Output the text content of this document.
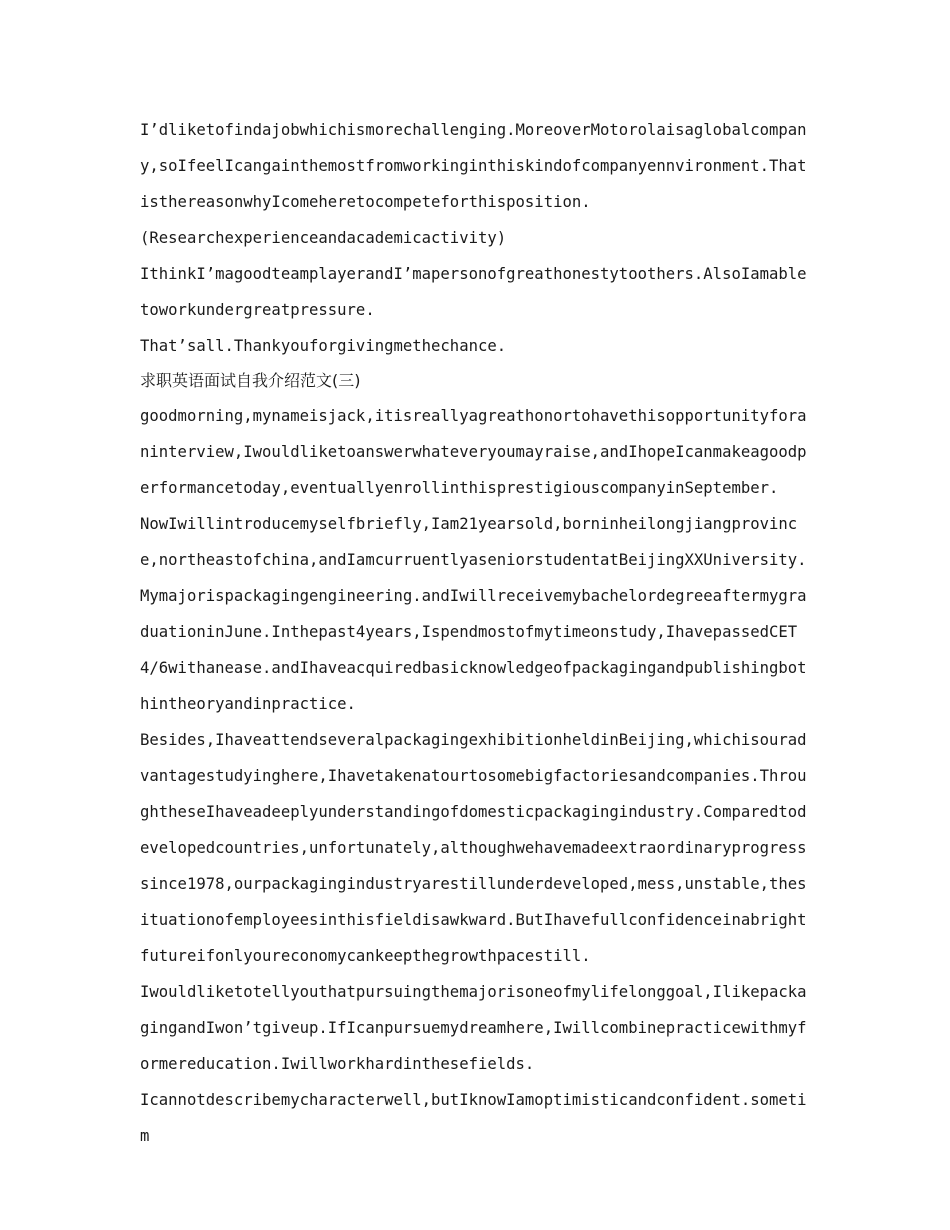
I’dliketofindajobwhichismorechallenging.MoreoverMotorolaisaglobalcompany,soIfeelIcangainthemostfromworkinginthiskindofcompanyennvironment.ThatisthereasonwhyIcomeheretocompeteforthisposition.

(Researchexperienceandacademicactivity)

IthinkI’magoodteamplayerandI’mapersonofgreathonestytoothers.AlsoIamabletoworkundergreatpressure.

That’sall.Thankyouforgivingmethechance.

求职英语面试自我介绍范文(三)

goodmorning,mynameisjack,itisreallyagreathonortohavethisopportunityforaninterview,Iwouldliketoanswerwhateveryoumayraise,andIhopeIcanmakeagoodperformancetoday,eventuallyenrollinthisprestigiouscompanyinSeptember.

NowIwillintroducemyselfbriefly,Iam21yearsold,borninheilongjiangprovince,northeastofchina,andIamcurruentlyaseniorstudentatBeijingXXUniversity.Mymajorispackagingengineering.andIwillreceivemybachelordegreeaftermygraduationinJune.Inthepast4years,Ispendmostofmytimeonstudy,IhavepassedCET4/6withanease.andIhaveacquiredbasicknowledgeofpackagingandpublishingbothintheoryandinpractice.

Besides,IhaveattendseveralpackagingexhibitionheldinBeijing,whichisouradvantagestudyinghere,Ihavetakenatourtosomebigfactoriesandcompanies.ThroughtheseIhaveadeeplyunderstandingofdomesticpackagingindustry.Comparedtodevelopedcountries,unfortunately,althoughwehavemadeextraordinaryprogresssince1978,ourpackagingindustryarestillunderdeveloped,mess,unstable,thesituationofemployeesinthisfieldisawkward.ButIhavefullconfidenceinabrightfutureifonlyoureconomycankeepthegrowthpacestill.

Iwouldliketotellyouthatpursuingthemajorisoneofmylifelonggoal,IlikepackagingandIwon’tgiveup.IfIcanpursuemydreamhere,Iwillcombinepracticewithmyformereducation.Iwillworkhardinthesefields.

Icannotdescribemycharacterwell,butIknowIamoptimisticandconfident.sometim
